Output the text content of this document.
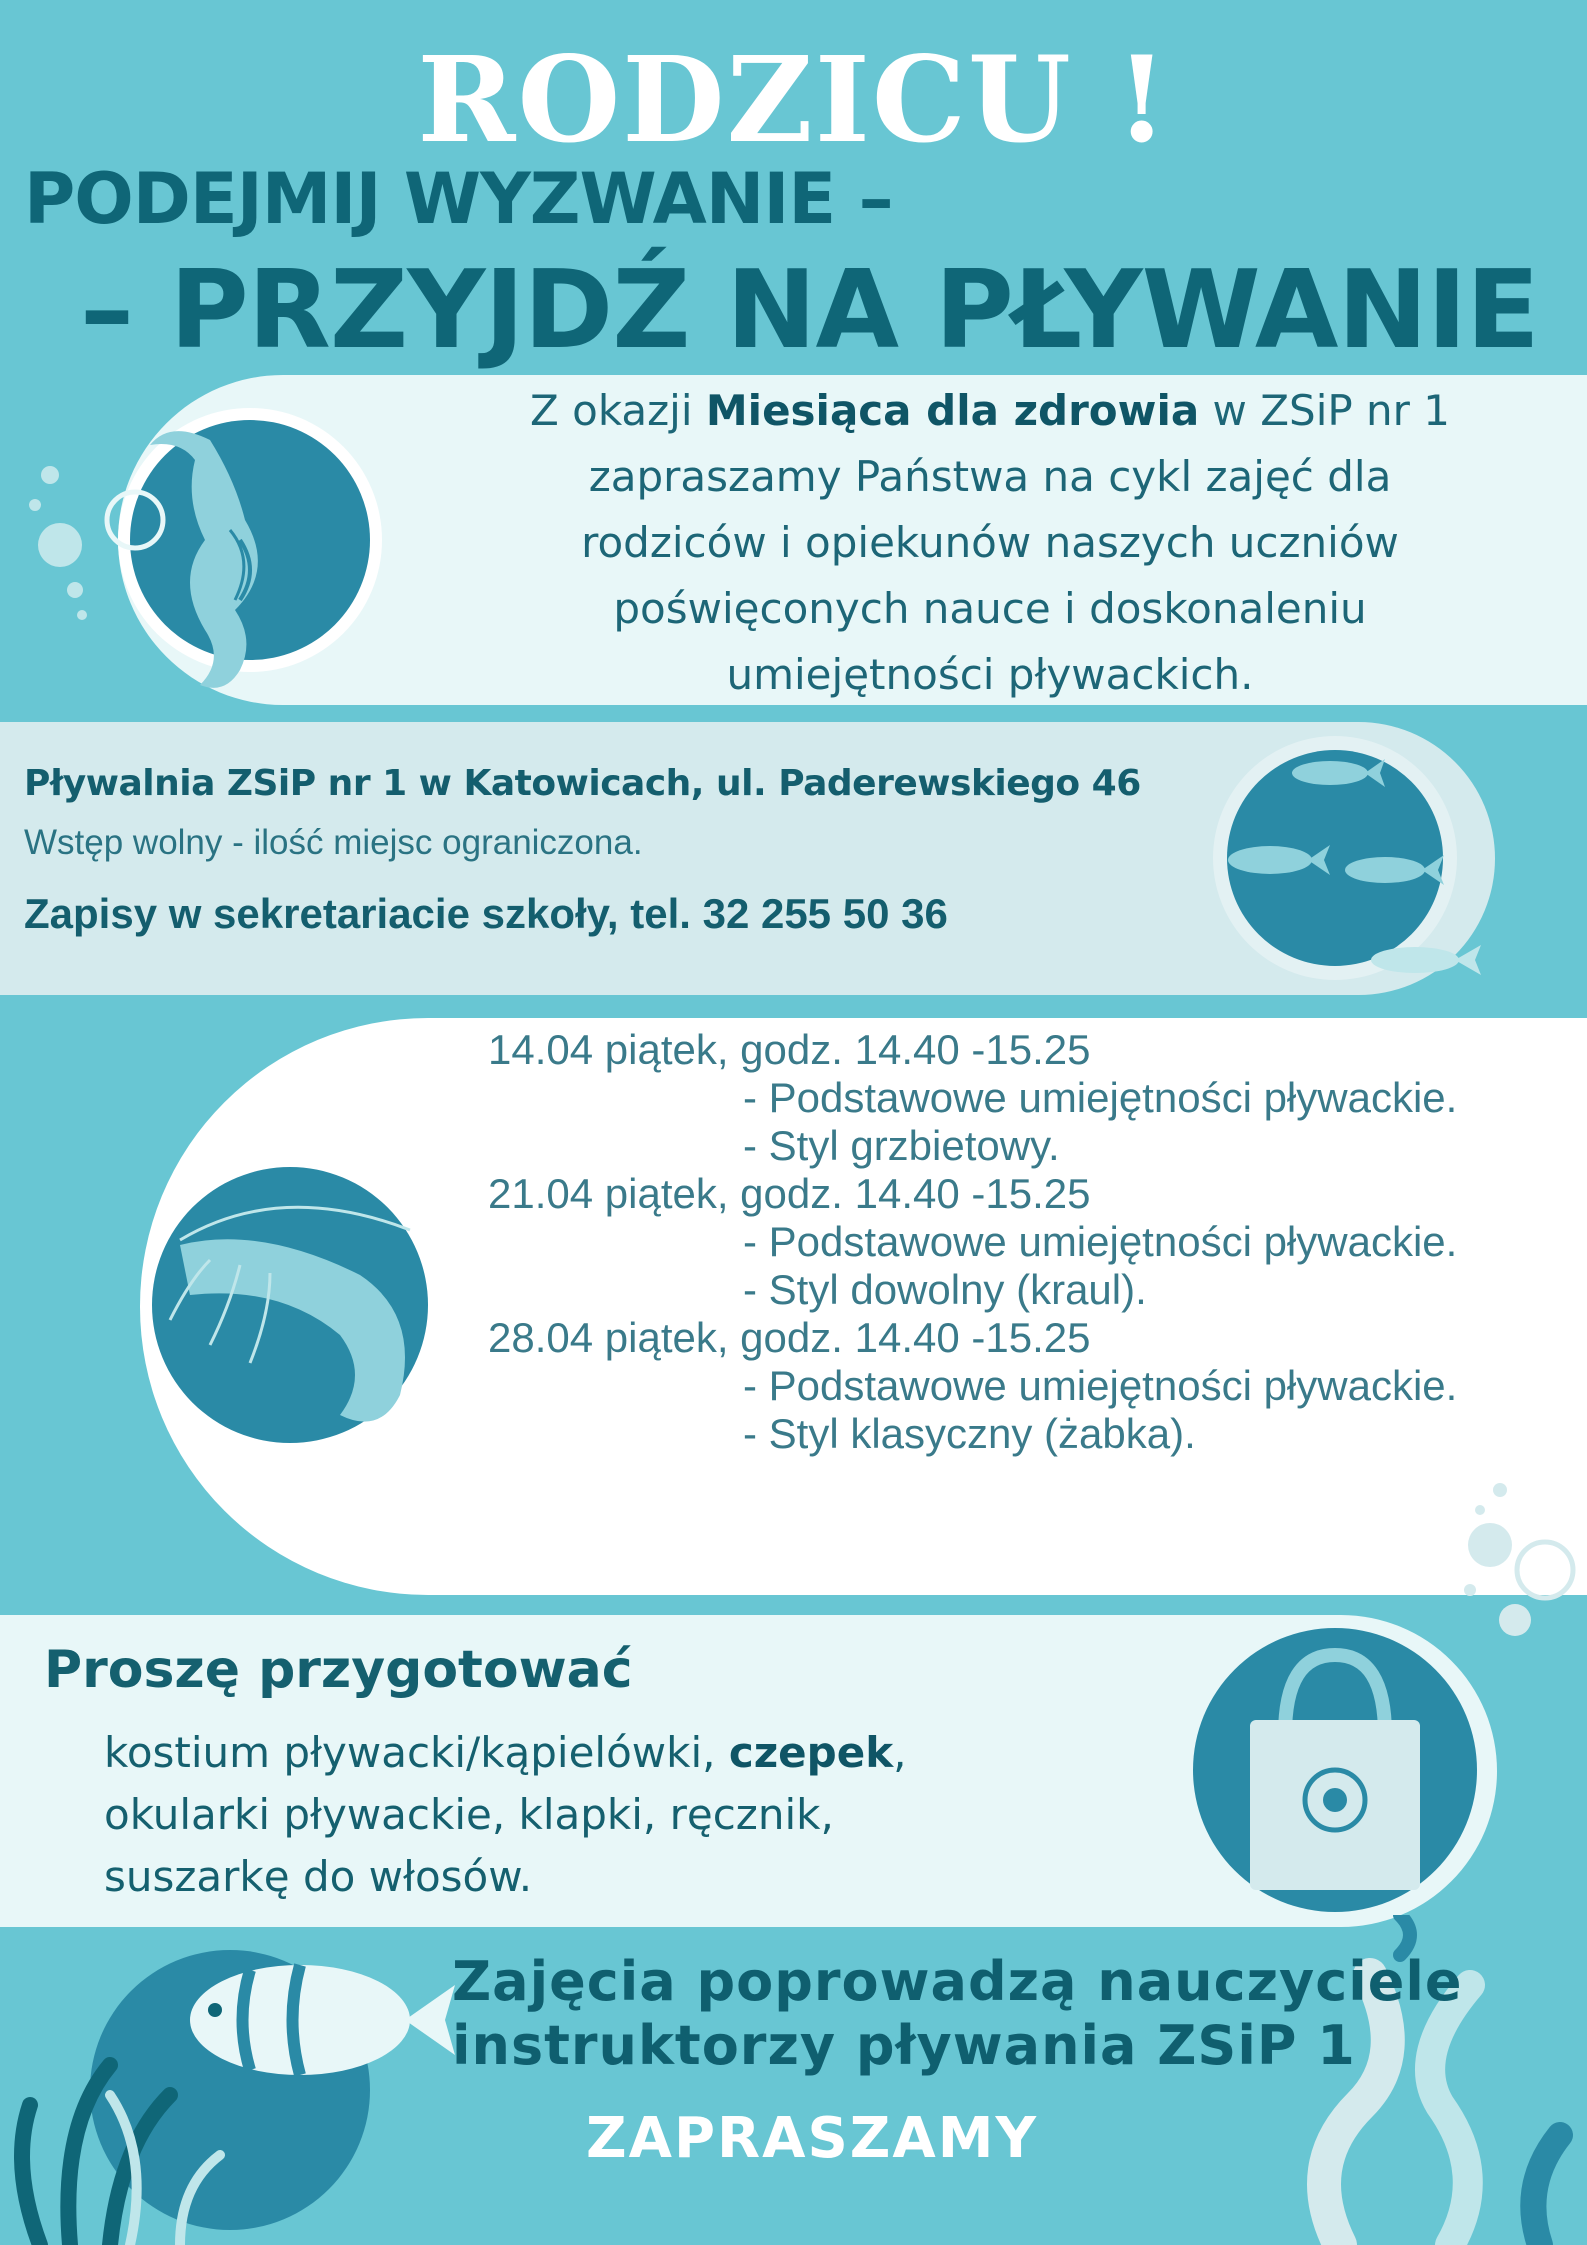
RODZICU !
PODEJMIJ WYZWANIE –
– PRZYJDŹ NA PŁYWANIE
Z okazji Miesiąca dla zdrowia w ZSiP nr 1
zapraszamy Państwa na cykl zajęć dla
rodziców i opiekunów naszych uczniów
poświęconych nauce i doskonaleniu
umiejętności pływackich.
Pływalnia ZSiP nr 1 w Katowicach, ul. Paderewskiego 46
Wstęp wolny - ilość miejsc ograniczona.
Zapisy w sekretariacie szkoły, tel. 32 255 50 36
14.04 piątek, godz. 14.40 -15.25
- Podstawowe umiejętności pływackie.
- Styl grzbietowy.
21.04 piątek, godz. 14.40 -15.25
- Podstawowe umiejętności pływackie.
- Styl dowolny (kraul).
28.04 piątek, godz. 14.40 -15.25
- Podstawowe umiejętności pływackie.
- Styl klasyczny (żabka).
Proszę przygotować
kostium pływacki/kąpielówki, czepek,
okularki pływackie, klapki, ręcznik,
suszarkę do włosów.
Zajęcia poprowadzą nauczyciele
instruktorzy pływania ZSiP 1
ZAPRASZAMY
